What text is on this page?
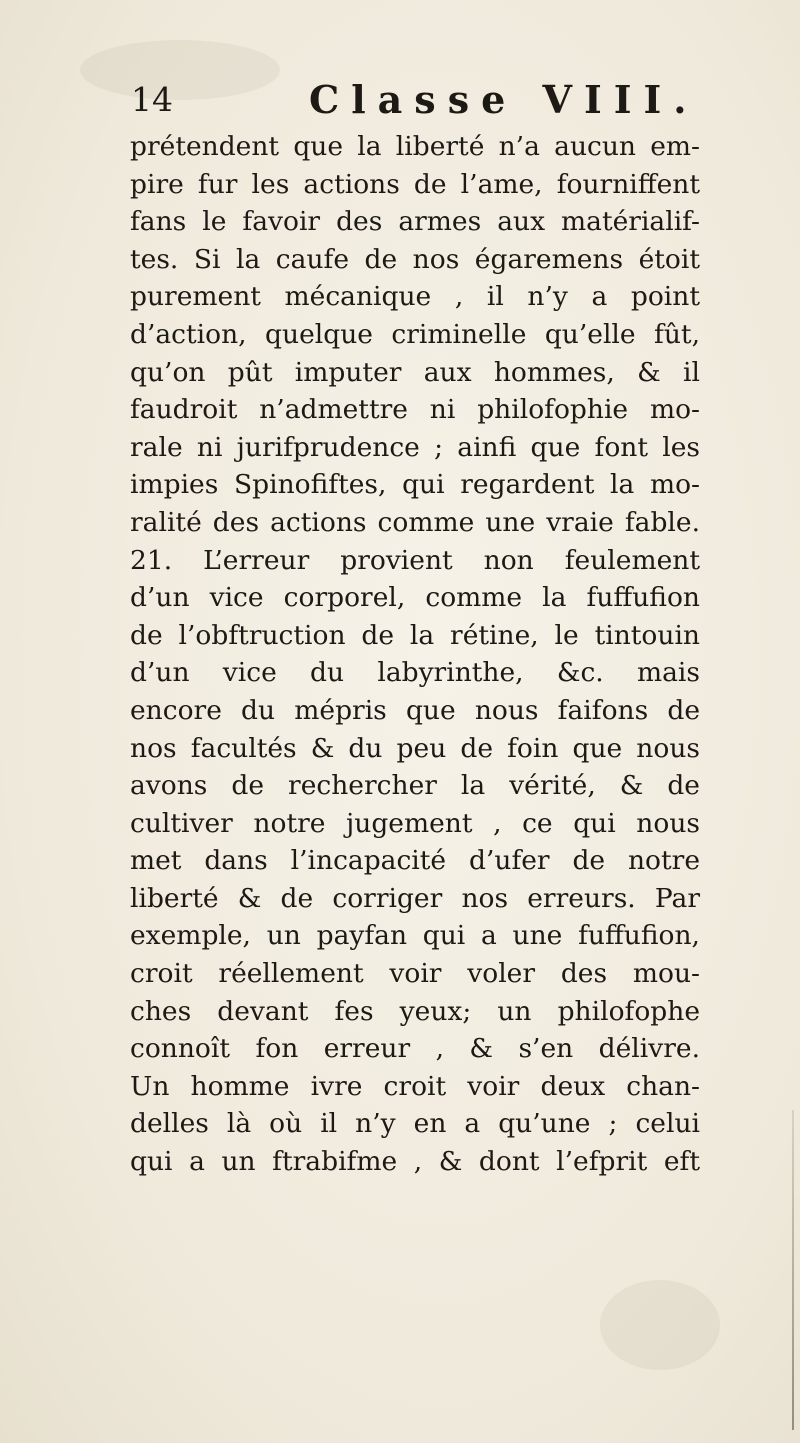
14	Classe VIII.
prétendent que la liberté n’a aucun em-
pire fur les actions de l’ame, fourniffent
fans le favoir des armes aux matérialif-
tes. Si la caufe de nos égaremens étoit
purement mécanique , il n’y a point
d’action, quelque criminelle qu’elle fût,
qu’on pût imputer aux hommes, & il
faudroit n’admettre ni philofophie mo-
rale ni jurifprudence ; ainfi que font les
impies Spinofiftes, qui regardent la mo-
ralité des actions comme une vraie fable.
21. L’erreur provient non feulement
d’un vice corporel, comme la fuffufion
de l’obftruction de la rétine, le tintouin
d’un vice du labyrinthe, &c. mais
encore du mépris que nous faifons de
nos facultés & du peu de foin que nous
avons de rechercher la vérité, & de
cultiver notre jugement , ce qui nous
met dans l’incapacité d’ufer de notre
liberté & de corriger nos erreurs. Par
exemple, un payfan qui a une fuffufion,
croit réellement voir voler des mou-
ches devant fes yeux; un philofophe
connoît fon erreur , & s’en délivre.
Un homme ivre croit voir deux chan-
delles là où il n’y en a qu’une ; celui
qui a un ftrabifme , & dont l’efprit eft
